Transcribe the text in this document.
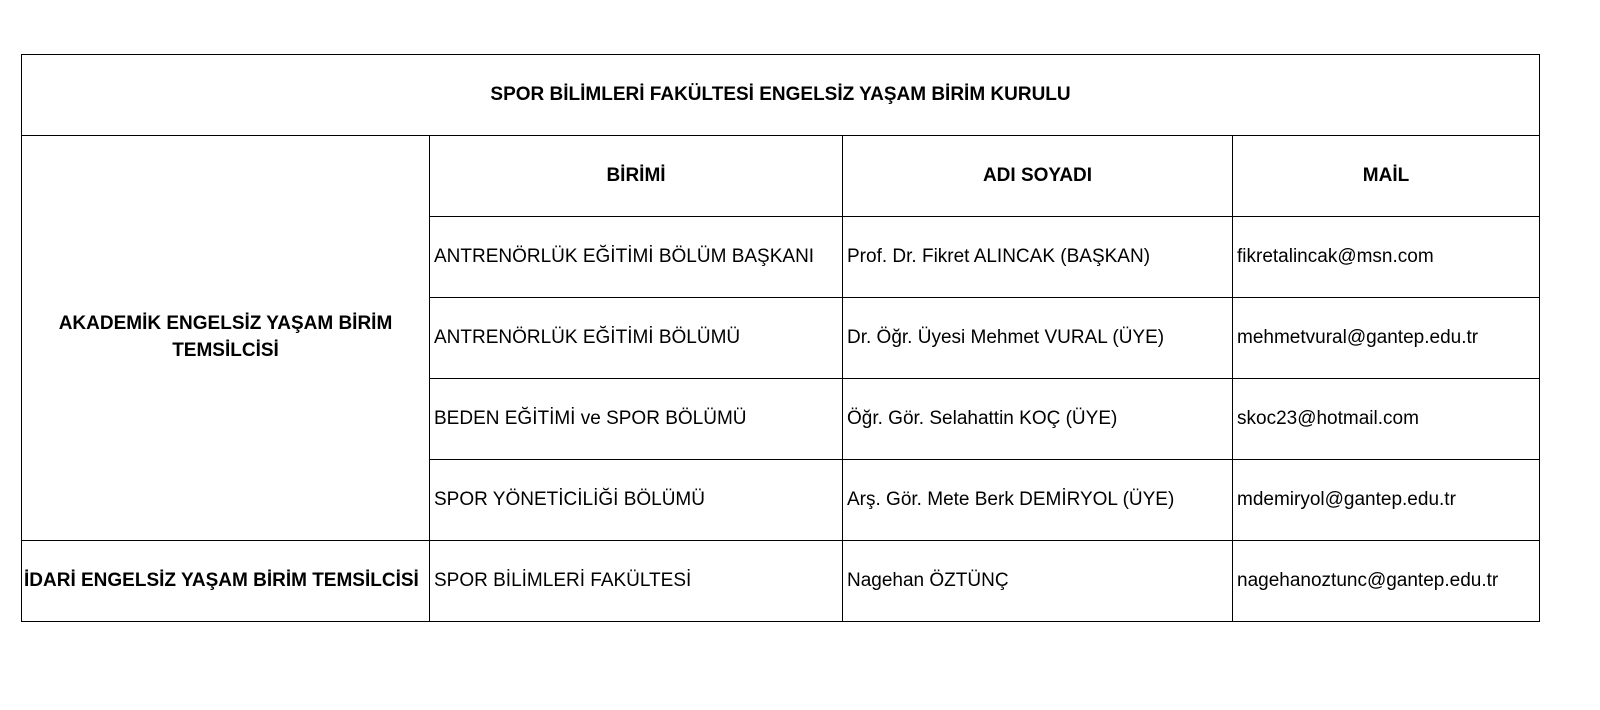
SPOR BİLİMLERİ FAKÜLTESİ ENGELSİZ YAŞAM BİRİM KURULU			
AKADEMİK ENGELSİZ YAŞAM BİRİM TEMSİLCİSİ	BİRİMİ	ADI SOYADI	MAİL
	ANTRENÖRLÜK EĞİTİMİ BÖLÜM BAŞKANI	Prof. Dr. Fikret ALINCAK (BAŞKAN)	fikretalincak@msn.com
	ANTRENÖRLÜK EĞİTİMİ BÖLÜMÜ	Dr. Öğr. Üyesi Mehmet VURAL (ÜYE)	mehmetvural@gantep.edu.tr
	BEDEN EĞİTİMİ ve SPOR BÖLÜMÜ	Öğr. Gör. Selahattin KOÇ (ÜYE)	skoc23@hotmail.com
	SPOR YÖNETİCİLİĞİ BÖLÜMÜ	Arş. Gör. Mete Berk DEMİRYOL (ÜYE)	mdemiryol@gantep.edu.tr
İDARİ ENGELSİZ YAŞAM BİRİM TEMSİLCİSİ	SPOR BİLİMLERİ FAKÜLTESİ	Nagehan ÖZTÜNÇ	nagehanoztunc@gantep.edu.tr
